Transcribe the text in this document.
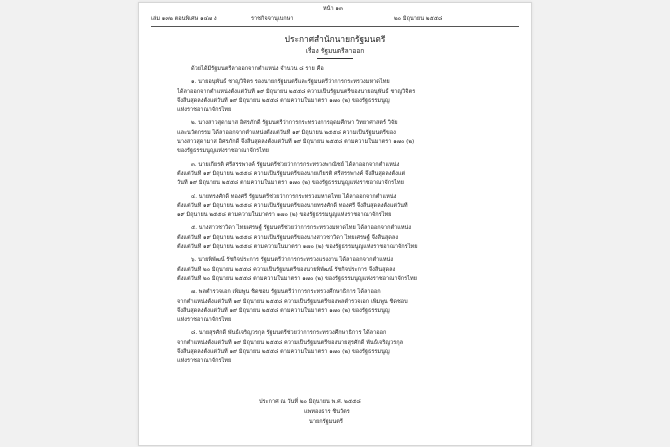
หน้า ๑๓
เล่ม ๑๓๒ ตอนพิเศษ ๑๔๗ ง	ราชกิจจานุเบกษา	๒๐ มิถุนายน ๒๕๕๘
ประกาศสำนักนายกรัฐมนตรี
เรื่อง รัฐมนตรีลาออก
ด้วยได้มีรัฐมนตรีลาออกจากตำแหน่ง จำนวน ๘ ราย คือ

๑. นายอนุพันธ์ ชาญวิจิตร รองนายกรัฐมนตรีและรัฐมนตรีว่าการกระทรวงมหาดไทย

ได้ลาออกจากตำแหน่งตั้งแต่วันที่ ๑๙ มิถุนายน ๒๕๕๘ ความเป็นรัฐมนตรีของนายอนุพันธ์ ชาญวิจิตร

จึงสิ้นสุดลงตั้งแต่วันที่ ๑๙ มิถุนายน ๒๕๕๘ ตามความในมาตรา ๑๗๐ (๒) ของรัฐธรรมนูญ

แห่งราชอาณาจักรไทย

๒. นางสาวสุดามาส อิศรภักดี รัฐมนตรีว่าการกระทรวงการอุดมศึกษา วิทยาศาสตร์ วิจัย

และนวัตกรรม ได้ลาออกจากตำแหน่งตั้งแต่วันที่ ๑๙ มิถุนายน ๒๕๕๘ ความเป็นรัฐมนตรีของ

นางสาวสุดามาส อิศรภักดี จึงสิ้นสุดลงตั้งแต่วันที่ ๑๙ มิถุนายน ๒๕๕๘ ตามความในมาตรา ๑๗๐ (๒)

ของรัฐธรรมนูญแห่งราชอาณาจักรไทย

๓. นายเกียรติ ศรีสรรพางค์ รัฐมนตรีช่วยว่าการกระทรวงพาณิชย์ ได้ลาออกจากตำแหน่ง

ตั้งแต่วันที่ ๑๙ มิถุนายน ๒๕๕๘ ความเป็นรัฐมนตรีของนายเกียรติ ศรีสรรพางค์ จึงสิ้นสุดลงตั้งแต่

วันที่ ๑๙ มิถุนายน ๒๕๕๘ ตามความในมาตรา ๑๗๐ (๒) ของรัฐธรรมนูญแห่งราชอาณาจักรไทย

๔. นายทรงศักดิ์ ทองศรี รัฐมนตรีช่วยว่าการกระทรวงมหาดไทย ได้ลาออกจากตำแหน่ง

ตั้งแต่วันที่ ๑๙ มิถุนายน ๒๕๕๘ ความเป็นรัฐมนตรีของนายทรงศักดิ์ ทองศรี จึงสิ้นสุดลงตั้งแต่วันที่

๑๙ มิถุนายน ๒๕๕๘ ตามความในมาตรา ๑๗๐ (๒) ของรัฐธรรมนูญแห่งราชอาณาจักรไทย

๕. นางสาวชาวิดา ไทยเศรษฐ์ รัฐมนตรีช่วยว่าการกระทรวงมหาดไทย ได้ลาออกจากตำแหน่ง

ตั้งแต่วันที่ ๑๙ มิถุนายน ๒๕๕๘ ความเป็นรัฐมนตรีของนางสาวชาวิดา ไทยเศรษฐ์ จึงสิ้นสุดลง

ตั้งแต่วันที่ ๑๙ มิถุนายน ๒๕๕๘ ตามความในมาตรา ๑๗๐ (๒) ของรัฐธรรมนูญแห่งราชอาณาจักรไทย

๖. นายพิพัฒน์ รัชกิจประการ รัฐมนตรีว่าการกระทรวงแรงงาน ได้ลาออกจากตำแหน่ง

ตั้งแต่วันที่ ๒๐ มิถุนายน ๒๕๕๘ ความเป็นรัฐมนตรีของนายพิพัฒน์ รัชกิจประการ จึงสิ้นสุดลง

ตั้งแต่วันที่ ๒๐ มิถุนายน ๒๕๕๘ ตามความในมาตรา ๑๗๐ (๒) ของรัฐธรรมนูญแห่งราชอาณาจักรไทย

๗. พลตำรวจเอก เพิ่มพูน ชิดชอบ รัฐมนตรีว่าการกระทรวงศึกษาธิการ ได้ลาออก

จากตำแหน่งตั้งแต่วันที่ ๑๙ มิถุนายน ๒๕๕๘ ความเป็นรัฐมนตรีของพลตำรวจเอก เพิ่มพูน ชิดชอบ

จึงสิ้นสุดลงตั้งแต่วันที่ ๑๙ มิถุนายน ๒๕๕๘ ตามความในมาตรา ๑๗๐ (๒) ของรัฐธรรมนูญ

แห่งราชอาณาจักรไทย

๘. นายสุรศักดิ์ พันธ์เจริญวรกุล รัฐมนตรีช่วยว่าการกระทรวงศึกษาธิการ ได้ลาออก

จากตำแหน่งตั้งแต่วันที่ ๑๙ มิถุนายน ๒๕๕๘ ความเป็นรัฐมนตรีของนายสุรศักดิ์ พันธ์เจริญวรกุล

จึงสิ้นสุดลงตั้งแต่วันที่ ๑๙ มิถุนายน ๒๕๕๘ ตามความในมาตรา ๑๗๐ (๒) ของรัฐธรรมนูญ

แห่งราชอาณาจักรไทย

ประกาศ ณ วันที่ ๒๐ มิถุนายน พ.ศ. ๒๕๕๘
แพทองธาร ชินวัตร
นายกรัฐมนตรี
